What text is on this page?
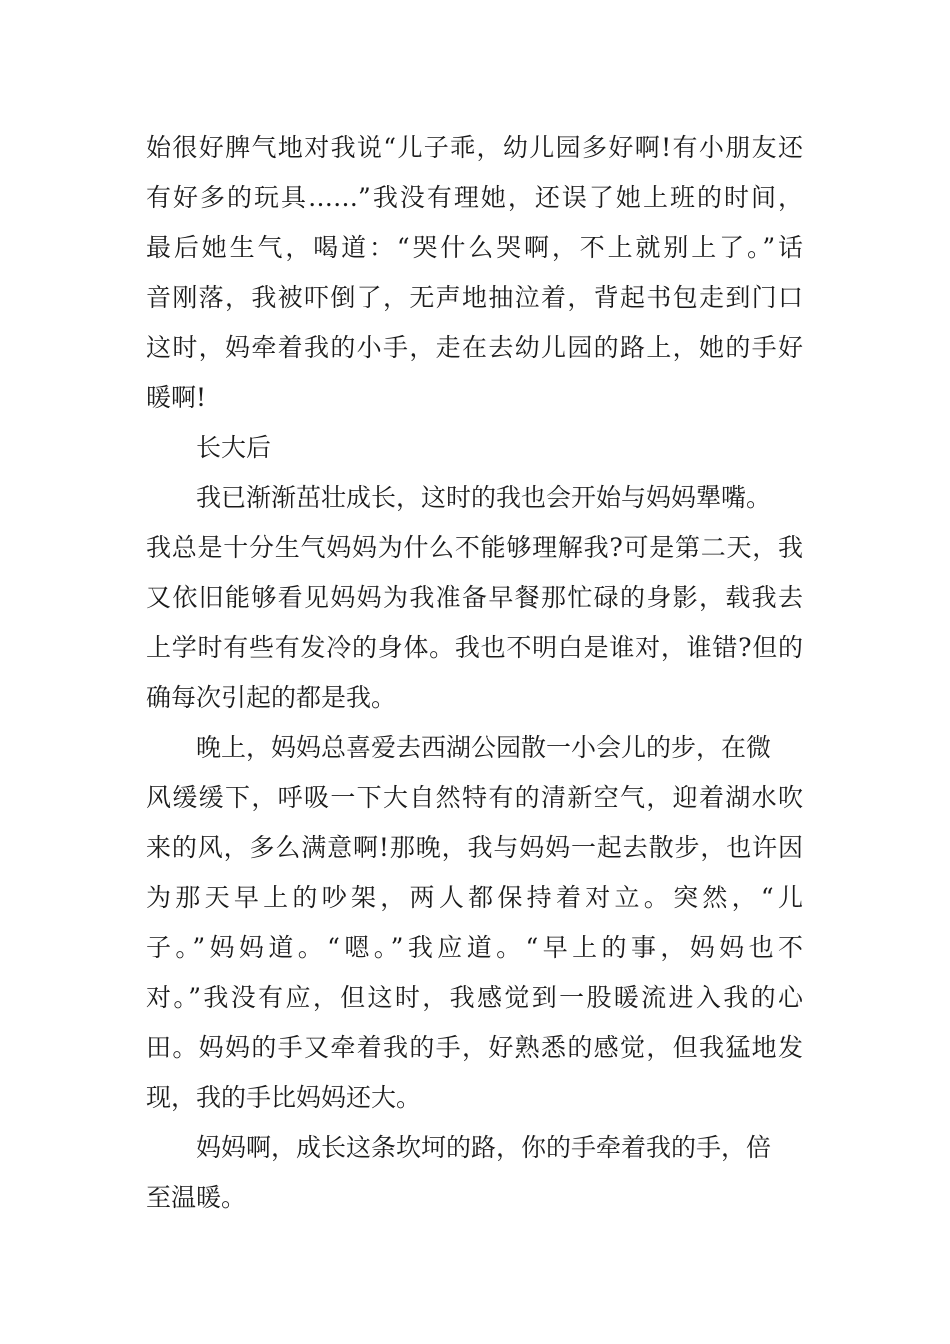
始很好脾气地对我说“儿子乖，幼儿园多好啊!有小朋友还
有好多的玩具……”我没有理她，还误了她上班的时间，
最后她生气，喝道：“哭什么哭啊，不上就别上了。”话
音刚落，我被吓倒了，无声地抽泣着，背起书包走到门口
这时，妈牵着我的小手，走在去幼儿园的路上，她的手好
暖啊!
长大后
我已渐渐茁壮成长，这时的我也会开始与妈妈犟嘴。
我总是十分生气妈妈为什么不能够理解我?可是第二天，我
又依旧能够看见妈妈为我准备早餐那忙碌的身影，载我去
上学时有些有发冷的身体。我也不明白是谁对，谁错?但的
确每次引起的都是我。
晚上，妈妈总喜爱去西湖公园散一小会儿的步，在微
风缓缓下，呼吸一下大自然特有的清新空气，迎着湖水吹
来的风，多么满意啊!那晚，我与妈妈一起去散步，也许因
为那天早上的吵架，两人都保持着对立。突然，“儿
子。”妈妈道。“嗯。”我应道。“早上的事，妈妈也不
对。”我没有应，但这时，我感觉到一股暖流进入我的心
田。妈妈的手又牵着我的手，好熟悉的感觉，但我猛地发
现，我的手比妈妈还大。
妈妈啊，成长这条坎坷的路，你的手牵着我的手，倍
至温暖。
